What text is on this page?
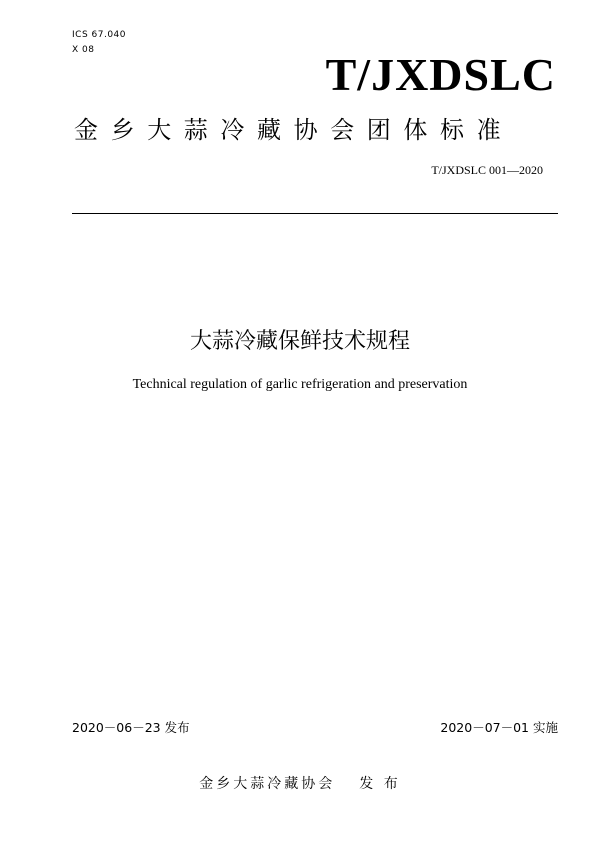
ICS 67.040
X 08	T/JXDSLC
金乡大蒜冷藏协会团体标准
T/JXDSLC 001—2020
大蒜冷藏保鲜技术规程
Technical regulation of garlic refrigeration and preservation
2020－06－23 发布	2020－07－01 实施
金乡大蒜冷藏协会 发 布
